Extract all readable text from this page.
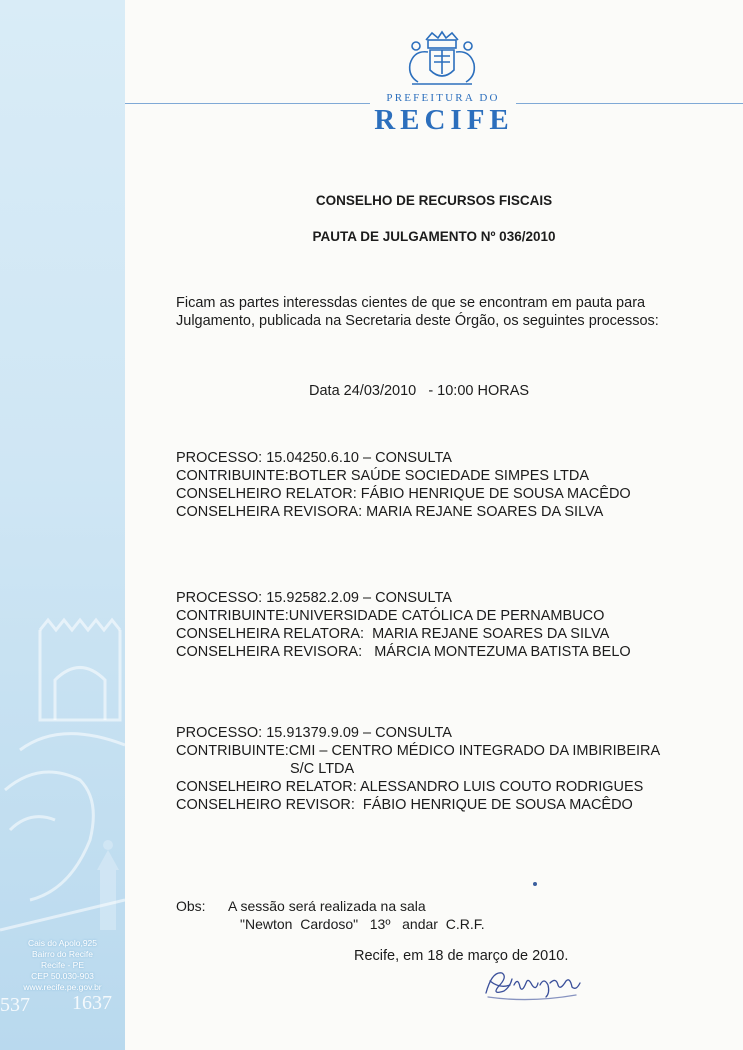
Cais do Apolo,925
Bairro do Recife
Recife - PE
CEP 50.030-903
www.recife.pe.gov.br
537 1637
PREFEITURA DO
RECIFE
CONSELHO DE RECURSOS FISCAIS
PAUTA DE JULGAMENTO Nº 036/2010
Ficam as partes interessdas cientes de que se encontram em pauta para
Julgamento, publicada na Secretaria deste Órgão, os seguintes processos:
Data 24/03/2010   - 10:00 HORAS
PROCESSO: 15.04250.6.10 – CONSULTA
CONTRIBUINTE:BOTLER SAÚDE SOCIEDADE SIMPES LTDA
CONSELHEIRO RELATOR: FÁBIO HENRIQUE DE SOUSA MACÊDO
CONSELHEIRA REVISORA: MARIA REJANE SOARES DA SILVA
PROCESSO: 15.92582.2.09 – CONSULTA
CONTRIBUINTE:UNIVERSIDADE CATÓLICA DE PERNAMBUCO
CONSELHEIRA RELATORA:  MARIA REJANE SOARES DA SILVA
CONSELHEIRA REVISORA:   MÁRCIA MONTEZUMA BATISTA BELO
PROCESSO: 15.91379.9.09 – CONSULTA
CONTRIBUINTE:CMI – CENTRO MÉDICO INTEGRADO DA IMBIRIBEIRA
S/C LTDA
CONSELHEIRO RELATOR: ALESSANDRO LUIS COUTO RODRIGUES
CONSELHEIRO REVISOR:  FÁBIO HENRIQUE DE SOUSA MACÊDO
Obs: A sessão será realizada na sala
"Newton  Cardoso"   13º   andar  C.R.F.
Recife, em 18 de março de 2010.
